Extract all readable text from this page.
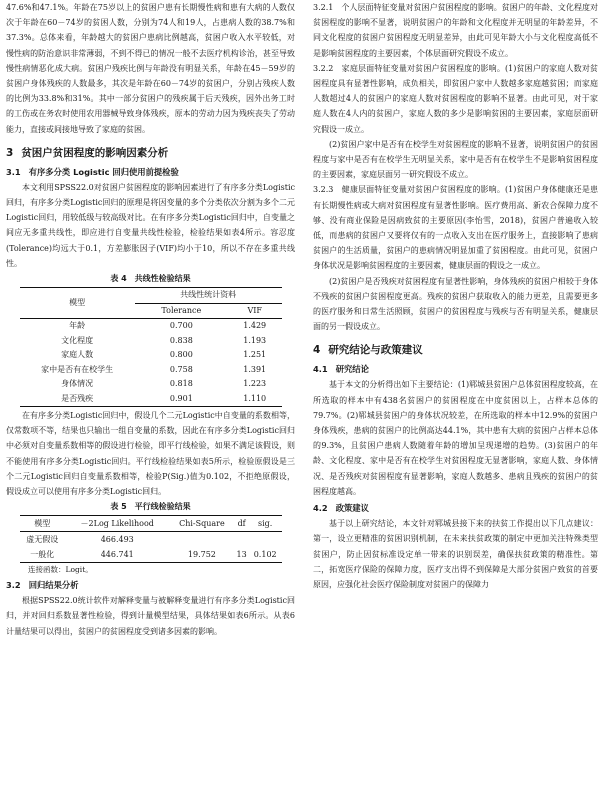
47.6%和47.1%。年龄在75岁以上的贫困户患有长期慢性病和患有大病的人数仅次于年龄在60－74岁的贫困人数，分别为74人和19人，占患病人数的38.7%和37.3%。总体来看，年龄越大的贫困户患病比例越高，贫困户收入水平较低，对慢性病的防治意识非常薄弱，不到不得已的情况一般不去医疗机构诊治，甚至导致慢性病情恶化成大病。贫困户残疾比例与年龄没有明显关系，年龄在45－59岁的贫困户身体残疾的人数最多，其次是年龄在60－74岁的贫困户，分别占残疾人数的比例为33.8%和31%。其中一部分贫困户的残疾属于后天残疾，因外出务工时的工伤或在务农时使用农用器械导致身体残疾，原本的劳动力因为残疾丧失了劳动能力，直接或间接地导致了家庭的贫困。

3 贫困户贫困程度的影响因素分析
3.1 有序多分类 Logistic 回归使用前提检验

本文利用SPSS22.0对贫困户贫困程度的影响因素进行了有序多分类Logistic回归，有序多分类Logistic回归的原理是将因变量的多个分类依次分割为多个二元Logistic回归，用较低级与较高级对比。在有序多分类Logistic回归中，自变量之间应无多重共线性，即应进行自变量共线性检验，检验结果如表4所示。容忍度(Tolerance)均远大于0.1，方差膨胀因子(VIF)均小于10，所以不存在多重共线性。

表 4  共线性检验结果
模型	共线性统计资料	
	Tolerance	VIF
年龄	0.700	1.429
文化程度	0.838	1.193
家庭人数	0.800	1.251
家中是否有在校学生	0.758	1.391
身体情况	0.818	1.223
是否残疾	0.901	1.110

在有序多分类Logistic回归中，假设几个二元Logistic中自变量的系数相等，仅常数项不等，结果也只输出一组自变量的系数，因此在有序多分类Logistic回归中必须对自变量系数相等的假设进行检验，即平行线检验，如果不满足该假设，则不能使用有序多分类Logistic回归。平行线检验结果如表5所示，检验原假设是三个二元Logistic回归自变量系数相等，检验P(Sig.)值为0.102，不拒绝原假设，假设成立可以使用有序多分类Logistic回归。

表 5  平行线检验结果
模型	－2Log Likelihood	Chi-Square	df	sig.
虚无假设	466.493			
一般化	446.741	19.752	13	0.102
连接函数：Logit。
3.2 回归结果分析

根据SPSS22.0统计软件对解释变量与被解释变量进行有序多分类Logistic回归，并对回归系数显著性检验，得到计量模型结果，具体结果如表6所示。从表6计量结果可以得出，贫困户的贫困程度受到诸多因素的影响。

3.2.1　个人层面特征变量对贫困户贫困程度的影响。贫困户的年龄、文化程度对贫困程度的影响不显著，说明贫困户的年龄和文化程度并无明显的年龄差异，不同文化程度的贫困户贫困程度无明显差异，由此可见年龄大小与文化程度高低不是影响贫困程度的主要因素，个体层面研究假设不成立。

3.2.2　家庭层面特征变量对贫困户贫困程度的影响。(1)贫困户的家庭人数对贫困程度具有显著性影响，成负相关，即贫困户家中人数越多家庭越贫困；而家庭人数超过4人的贫困户的家庭人数对贫困程度的影响不显著。由此可见，对于家庭人数在4人内的贫困户，家庭人数的多少是影响贫困的主要因素，家庭层面研究假设一成立。

(2)贫困户家中是否有在校学生对贫困程度的影响不显著，说明贫困户的贫困程度与家中是否有在校学生无明显关系，家中是否有在校学生不是影响贫困程度的主要因素，家庭层面另一研究假设不成立。

3.2.3　健康层面特征变量对贫困户贫困程度的影响。(1)贫困户身体健康还是患有长期慢性病或大病对贫困程度有显著性影响。医疗费用高、新农合保障力度不够、没有商业保险是因病致贫的主要原因(李怡雪，2018)，贫困户普遍收入较低，而患病的贫困户又要将仅有的一点收入支出在医疗服务上，直接影响了患病贫困户的生活质量，贫困户的患病情况明显加重了贫困程度。由此可见，贫困户身体状况是影响贫困程度的主要因素，健康层面的假设之一成立。

(2)贫困户是否残疾对贫困程度有显著性影响，身体残疾的贫困户相较于身体不残疾的贫困户贫困程度更高。残疾的贫困户获取收入的能力更差，且需要更多的医疗服务和日常生活照顾，贫困户的贫困程度与残疾与否有明显关系，健康层面的另一假设成立。

4 研究结论与政策建议
4.1 研究结论

基于本文的分析得出如下主要结论：(1)郓城县贫困户总体贫困程度较高，在所选取的样本中有438名贫困户的贫困程度在中度贫困以上，占样本总体的79.7%。(2)郓城县贫困户的身体状况较差，在所选取的样本中12.9%的贫困户身体残疾，患病的贫困户的比例高达44.1%，其中患有大病的贫困户占样本总体的9.3%，且贫困户患病人数随着年龄的增加呈现递增的趋势。(3)贫困户的年龄、文化程度、家中是否有在校学生对贫困程度无显著影响，家庭人数、身体情况、是否残疾对贫困程度有显著影响，家庭人数越多、患病且残疾的贫困户的贫困程度越高。

4.2 政策建议

基于以上研究结论，本文针对郓城县接下来的扶贫工作提出以下几点建议：第一，设立更精准的贫困识别机制，在未来扶贫政策的制定中更加关注特殊类型贫困户，防止因贫标准设定单一带来的识别误差，确保扶贫政策的精准性。第二，拓宽医疗保险的保障力度，医疗支出得不到保障是大部分贫困户致贫的首要原因，应强化社会医疗保险制度对贫困户的保障力
